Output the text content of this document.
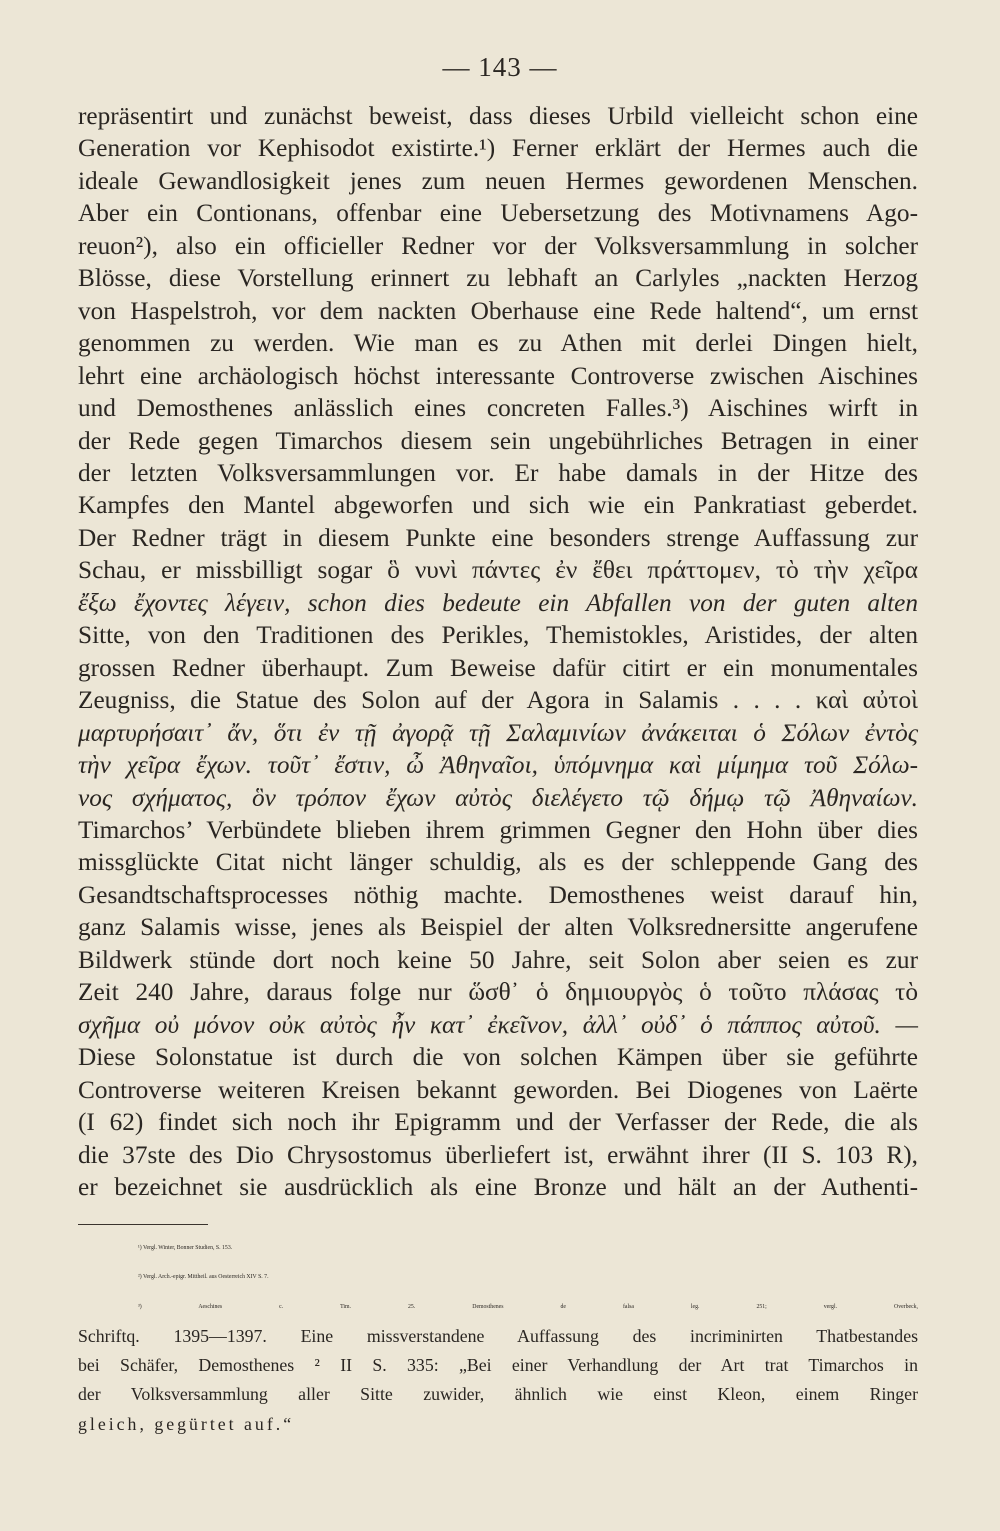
— 143 —
repräsentirt und zunächst beweist, dass dieses Urbild vielleicht schon eine
Generation vor Kephisodot existirte.¹) Ferner erklärt der Hermes auch die
ideale Gewandlosigkeit jenes zum neuen Hermes gewordenen Menschen.
Aber ein Contionans, offenbar eine Uebersetzung des Motivnamens Ago-
reuon²), also ein officieller Redner vor der Volksversammlung in solcher
Blösse, diese Vorstellung erinnert zu lebhaft an Carlyles „nackten Herzog
von Haspelstroh, vor dem nackten Oberhause eine Rede haltend“, um ernst
genommen zu werden. Wie man es zu Athen mit derlei Dingen hielt,
lehrt eine archäologisch höchst interessante Controverse zwischen Aischines
und Demosthenes anlässlich eines concreten Falles.³) Aischines wirft in
der Rede gegen Timarchos diesem sein ungebührliches Betragen in einer
der letzten Volksversammlungen vor. Er habe damals in der Hitze des
Kampfes den Mantel abgeworfen und sich wie ein Pankratiast geberdet.
Der Redner trägt in diesem Punkte eine besonders strenge Auffassung zur
Schau, er missbilligt sogar ὃ νυνὶ πάντες ἐν ἔθει πράττομεν, τὸ τὴν χεῖρα
ἔξω ἔχοντες λέγειν, schon dies bedeute ein Abfallen von der guten alten
Sitte, von den Traditionen des Perikles, Themistokles, Aristides, der alten
grossen Redner überhaupt. Zum Beweise dafür citirt er ein monumentales
Zeugniss, die Statue des Solon auf der Agora in Salamis . . . . καὶ αὐτοὶ
μαρτυρήσαιτ᾽ ἄν, ὅτι ἐν τῇ ἀγορᾷ τῇ Σαλαμινίων ἀνάκειται ὁ Σόλων ἐντὸς
τὴν χεῖρα ἔχων. τοῦτ᾽ ἔστιν, ὦ Ἀθηναῖοι, ὑπόμνημα καὶ μίμημα τοῦ Σόλω-
νος σχήματος, ὃν τρόπον ἔχων αὐτὸς διελέγετο τῷ δήμῳ τῷ Ἀθηναίων.
Timarchos’ Verbündete blieben ihrem grimmen Gegner den Hohn über dies
missglückte Citat nicht länger schuldig, als es der schleppende Gang des
Gesandtschaftsprocesses nöthig machte. Demosthenes weist darauf hin,
ganz Salamis wisse, jenes als Beispiel der alten Volksrednersitte angerufene
Bildwerk stünde dort noch keine 50 Jahre, seit Solon aber seien es zur
Zeit 240 Jahre, daraus folge nur ὥσθ᾽ ὁ δημιουργὸς ὁ τοῦτο πλάσας τὸ
σχῆμα οὐ μόνον οὐκ αὐτὸς ἦν κατ᾽ ἐκεῖνον, ἀλλ᾽ οὐδ᾽ ὁ πάππος αὐτοῦ. —
Diese Solonstatue ist durch die von solchen Kämpen über sie geführte
Controverse weiteren Kreisen bekannt geworden. Bei Diogenes von Laërte
(I 62) findet sich noch ihr Epigramm und der Verfasser der Rede, die als
die 37ste des Dio Chrysostomus überliefert ist, erwähnt ihrer (II S. 103 R),
er bezeichnet sie ausdrücklich als eine Bronze und hält an der Authenti-
¹) Vergl. Winter, Bonner Studien, S. 153.
²) Vergl. Arch.-epigr. Mittheil. aus Oesterreich XIV S. 7.
³) Aeschines c. Tim. 25. Demosthenes de falsa leg. 251; vergl. Overbeck,
Schriftq. 1395—1397. Eine missverstandene Auffassung des incriminirten Thatbestandes
bei Schäfer, Demosthenes ² II S. 335: „Bei einer Verhandlung der Art trat Timarchos in
der Volksversammlung aller Sitte zuwider, ähnlich wie einst Kleon, einem Ringer
gleich, gegürtet auf.“
